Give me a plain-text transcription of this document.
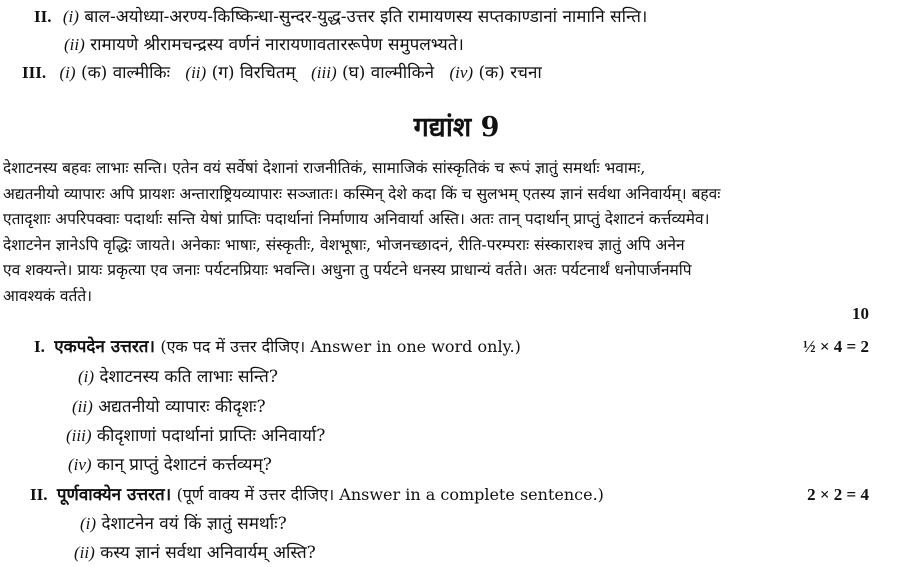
II. (i) बाल-अयोध्या-अरण्य-किष्किन्धा-सुन्दर-युद्ध-उत्तर इति रामायणस्य सप्तकाण्डानां नामानि सन्ति।
(ii) रामायणे श्रीरामचन्द्रस्य वर्णनं नारायणावताररूपेण समुपलभ्यते।
III. (i) (क) वाल्मीकिः (ii) (ग) विरचितम् (iii) (घ) वाल्मीकिने (iv) (क) रचना
गद्यांश 9
देशाटनस्य बहवः लाभाः सन्ति। एतेन वयं सर्वेषां देशानां राजनीतिकं, सामाजिकं सांस्कृतिकं च रूपं ज्ञातुं समर्थाः भवामः,
अद्यतनीयो व्यापारः अपि प्रायशः अन्ताराष्ट्रियव्यापारः सञ्जातः। कस्मिन् देशे कदा किं च सुलभम् एतस्य ज्ञानं सर्वथा अनिवार्यम्। बहवः
एतादृशाः अपरिपक्वाः पदार्थाः सन्ति येषां प्राप्तिः पदार्थानां निर्माणाय अनिवार्या अस्ति। अतः तान् पदार्थान् प्राप्तुं देशाटनं कर्त्तव्यमेव।
देशाटनेन ज्ञानेऽपि वृद्धिः जायते। अनेकाः भाषाः, संस्कृतीः, वेशभूषाः, भोजनच्छादनं, रीति-परम्पराः संस्काराश्च ज्ञातुं अपि अनेन
एव शक्यन्ते। प्रायः प्रकृत्या एव जनाः पर्यटनप्रियाः भवन्ति। अधुना तु पर्यटने धनस्य प्राधान्यं वर्तते। अतः पर्यटनार्थं धनोपार्जनमपि
आवश्यकं वर्तते।
10
I. एकपदेन उत्तरत। (एक पद में उत्तर दीजिए। Answer in one word only.)	½ × 4 = 2
(i) देशाटनस्य कति लाभाः सन्ति?
(ii) अद्यतनीयो व्यापारः कीदृशः?
(iii) कीदृशाणां पदार्थानां प्राप्तिः अनिवार्या?
(iv) कान् प्राप्तुं देशाटनं कर्त्तव्यम्?
II. पूर्णवाक्येन उत्तरत। (पूर्ण वाक्य में उत्तर दीजिए। Answer in a complete sentence.)	2 × 2 = 4
(i) देशाटनेन वयं किं ज्ञातुं समर्थाः?
(ii) कस्य ज्ञानं सर्वथा अनिवार्यम् अस्ति?
